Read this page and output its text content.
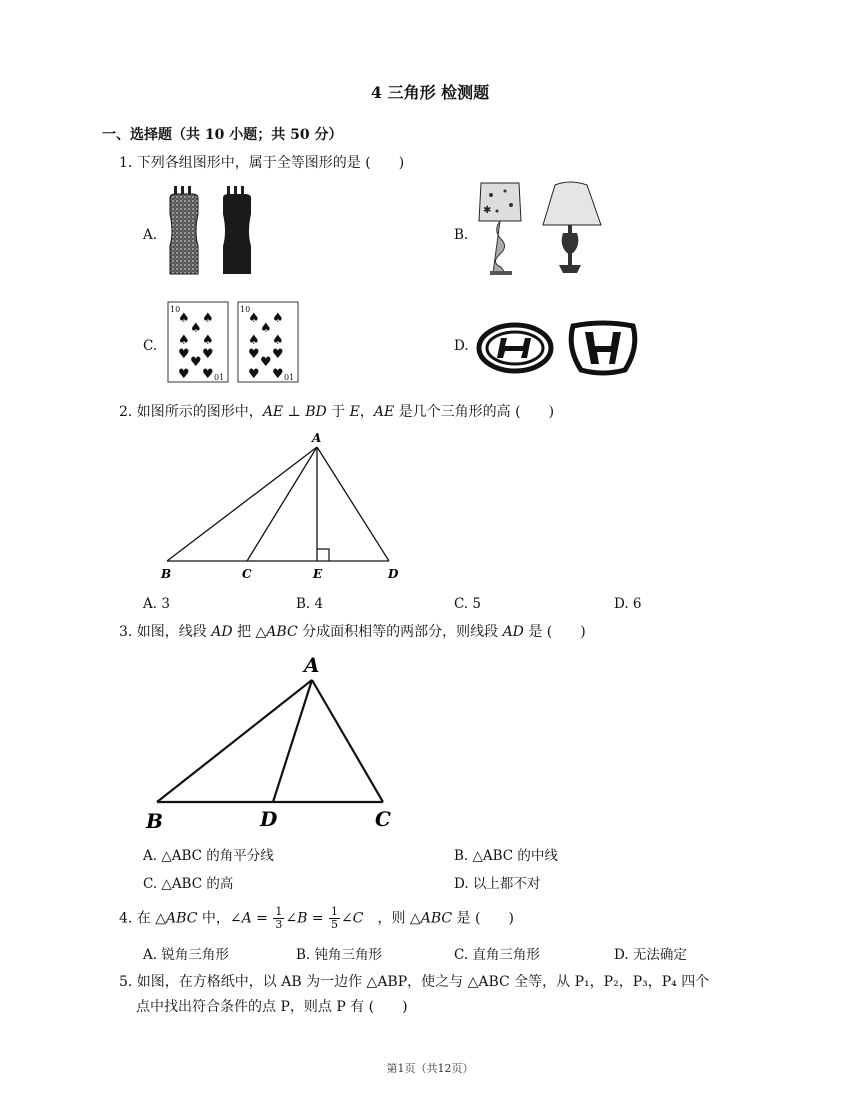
4 三角形 检测题
一、选择题（共 10 小题；共 50 分）
1. 下列各组图形中，属于全等图形的是 (　　)
A.	B.
✱
C.
10
01
♠ ♠
♠
♠ ♠
♥ ♥
♥
♥ ♥
10
01
♠ ♠
♠
♠ ♠
♥ ♥
♥
♥ ♥
D.
2. 如图所示的图形中，AE ⊥ BD 于 E，AE 是几个三角形的高 (　　)
A
B	C	E	D
A. 3	B. 4	C. 5	D. 6
3. 如图，线段 AD 把 △ABC 分成面积相等的两部分，则线段 AD 是 (　　)
A
B	D	C
A. △ABC 的角平分线	B. △ABC 的中线
C. △ABC 的高	D. 以上都不对
4. 在 △ABC 中，∠A = $\frac{1}{3}$ ∠B = $\frac{1}{5}$ ∠C　，则 △ABC 是 (　　)
A. 锐角三角形	B. 钝角三角形	C. 直角三角形	D. 无法确定
5. 如图，在方格纸中，以 AB 为一边作 △ABP，使之与 △ABC 全等，从 P₁，P₂，P₃，P₄ 四个
点中找出符合条件的点 P，则点 P 有 (　　)
第1页（共12页）
